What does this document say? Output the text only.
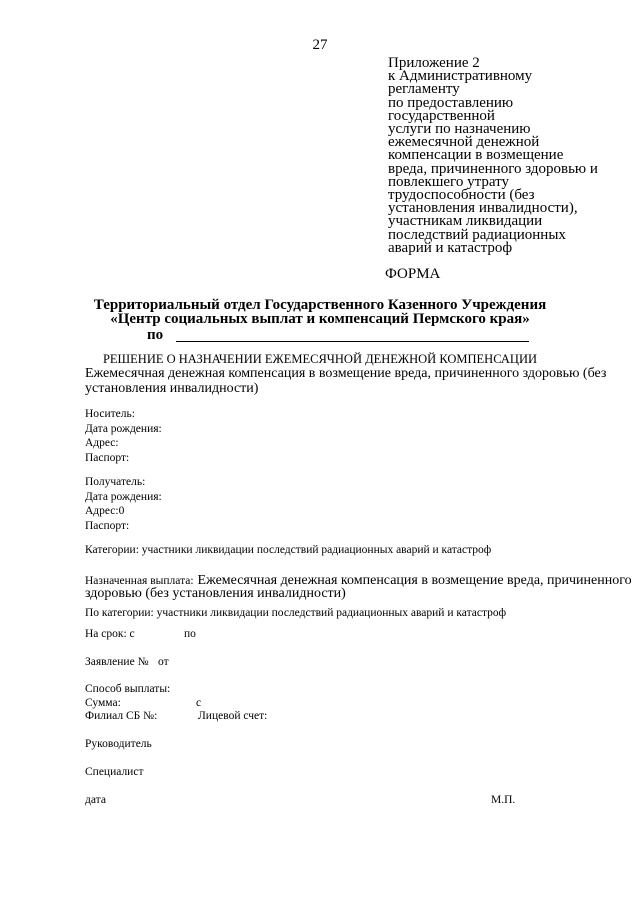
27
Приложение 2
к Административному
регламенту
по предоставлению
государственной
услуги по назначению
ежемесячной денежной
компенсации в возмещение
вреда, причиненного здоровью и
повлекшего утрату
трудоспособности (без
установления инвалидности),
участникам ликвидации
последствий радиационных
аварий и катастроф
ФОРМА
Территориальный отдел Государственного Казенного Учреждения
«Центр социальных выплат и компенсаций Пермского края»
по
РЕШЕНИЕ О НАЗНАЧЕНИИ ЕЖЕМЕСЯЧНОЙ ДЕНЕЖНОЙ КОМПЕНСАЦИИ
Ежемесячная денежная компенсация в возмещение вреда, причиненного здоровью (без
установления инвалидности)
Носитель:
Дата рождения:
Адрес:
Паспорт:
Получатель:
Дата рождения:
Адрес:0
Паспорт:
Категории: участники ликвидации последствий радиационных аварий и катастроф
Назначенная выплата: Ежемесячная денежная компенсация в возмещение вреда, причиненного
здоровью (без установления инвалидности)
По категории: участники ликвидации последствий радиационных аварий и катастроф
На срок: с	по
Заявление № от
Способ выплаты:
Сумма:	с
Филиал СБ №:	Лицевой счет:
Руководитель
Специалист
дата	М.П.
